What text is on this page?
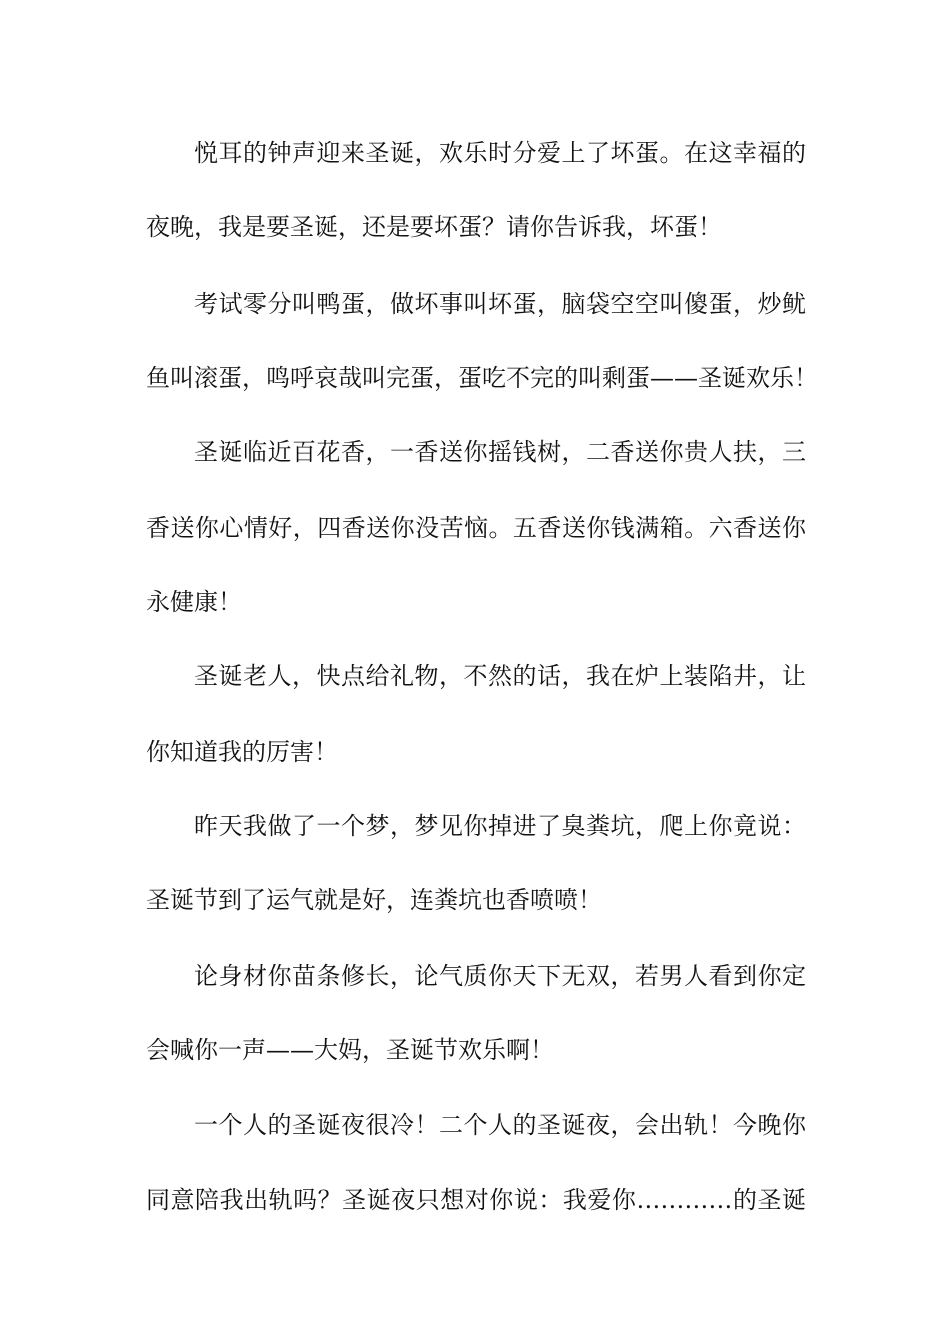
悦耳的钟声迎来圣诞，欢乐时分爱上了坏蛋。在这幸福的
夜晚，我是要圣诞，还是要坏蛋？请你告诉我，坏蛋！
考试零分叫鸭蛋，做坏事叫坏蛋，脑袋空空叫傻蛋，炒鱿
鱼叫滚蛋，鸣呼哀哉叫完蛋，蛋吃不完的叫剩蛋——圣诞欢乐！
圣诞临近百花香，一香送你摇钱树，二香送你贵人扶，三
香送你心情好，四香送你没苦恼。五香送你钱满箱。六香送你
永健康！
圣诞老人，快点给礼物，不然的话，我在炉上装陷井，让
你知道我的厉害！
昨天我做了一个梦，梦见你掉进了臭粪坑，爬上你竟说：
圣诞节到了运气就是好，连粪坑也香喷喷！
论身材你苗条修长，论气质你天下无双，若男人看到你定
会喊你一声——大妈，圣诞节欢乐啊！
一个人的圣诞夜很冷！二个人的圣诞夜，会出轨！今晚你
同意陪我出轨吗？圣诞夜只想对你说：我爱你…………的圣诞
